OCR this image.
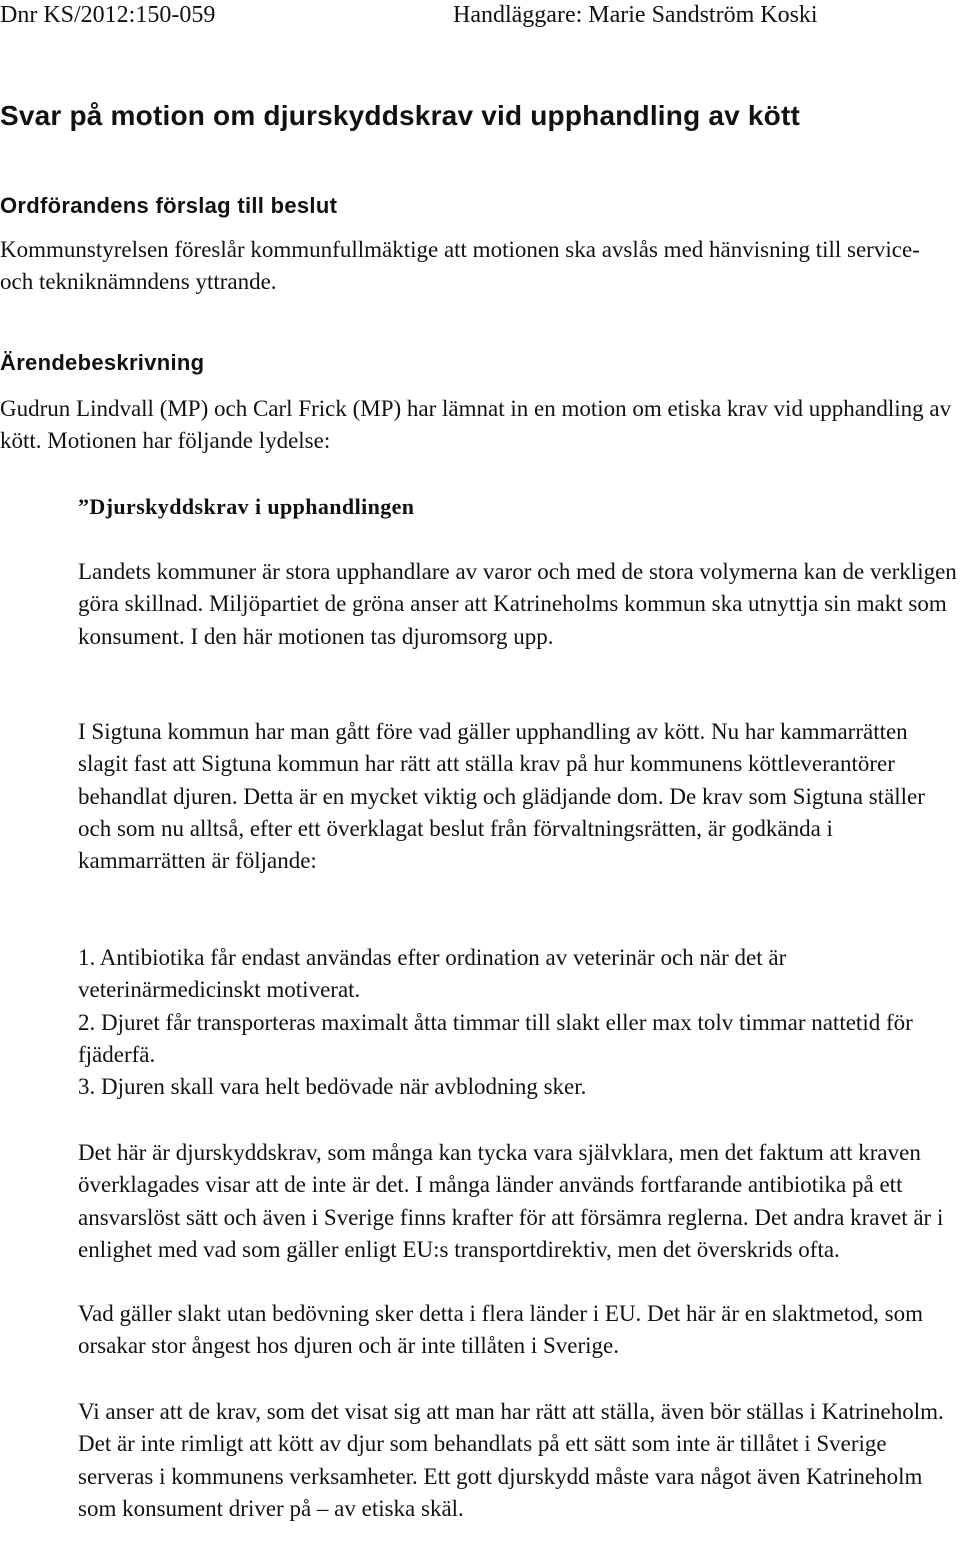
Dnr KS/2012:150-059	Handläggare: Marie Sandström Koski
Svar på motion om djurskyddskrav vid upphandling av kött
Ordförandens förslag till beslut

Kommunstyrelsen föreslår kommunfullmäktige att motionen ska avslås med hänvisning till service- och tekniknämndens yttrande.

Ärendebeskrivning

Gudrun Lindvall (MP) och Carl Frick (MP) har lämnat in en motion om etiska krav vid upphandling av kött. Motionen har följande lydelse:

”Djurskyddskrav i upphandlingen

Landets kommuner är stora upphandlare av varor och med de stora volymerna kan de verkligen göra skillnad. Miljöpartiet de gröna anser att Katrineholms kommun ska utnyttja sin makt som konsument. I den här motionen tas djuromsorg upp.

I Sigtuna kommun har man gått före vad gäller upphandling av kött. Nu har kammarrätten slagit fast att Sigtuna kommun har rätt att ställa krav på hur kommunens köttleverantörer behandlat djuren. Detta är en mycket viktig och glädjande dom. De krav som Sigtuna ställer och som nu alltså, efter ett överklagat beslut från förvaltningsrätten, är godkända i kammarrätten är följande:

1. Antibiotika får endast användas efter ordination av veterinär och när det är veterinärmedicinskt motiverat.
2. Djuret får transporteras maximalt åtta timmar till slakt eller max tolv timmar nattetid för fjäderfä.
3. Djuren skall vara helt bedövade när avblodning sker.

Det här är djurskyddskrav, som många kan tycka vara självklara, men det faktum att kraven överklagades visar att de inte är det. I många länder används fortfarande antibiotika på ett ansvarslöst sätt och även i Sverige finns krafter för att försämra reglerna. Det andra kravet är i enlighet med vad som gäller enligt EU:s transportdirektiv, men det överskrids ofta.

Vad gäller slakt utan bedövning sker detta i flera länder i EU. Det här är en slaktmetod, som orsakar stor ångest hos djuren och är inte tillåten i Sverige.

Vi anser att de krav, som det visat sig att man har rätt att ställa, även bör ställas i Katrineholm. Det är inte rimligt att kött av djur som behandlats på ett sätt som inte är tillåtet i Sverige serveras i kommunens verksamheter. Ett gott djurskydd måste vara något även Katrineholm som konsument driver på – av etiska skäl.
